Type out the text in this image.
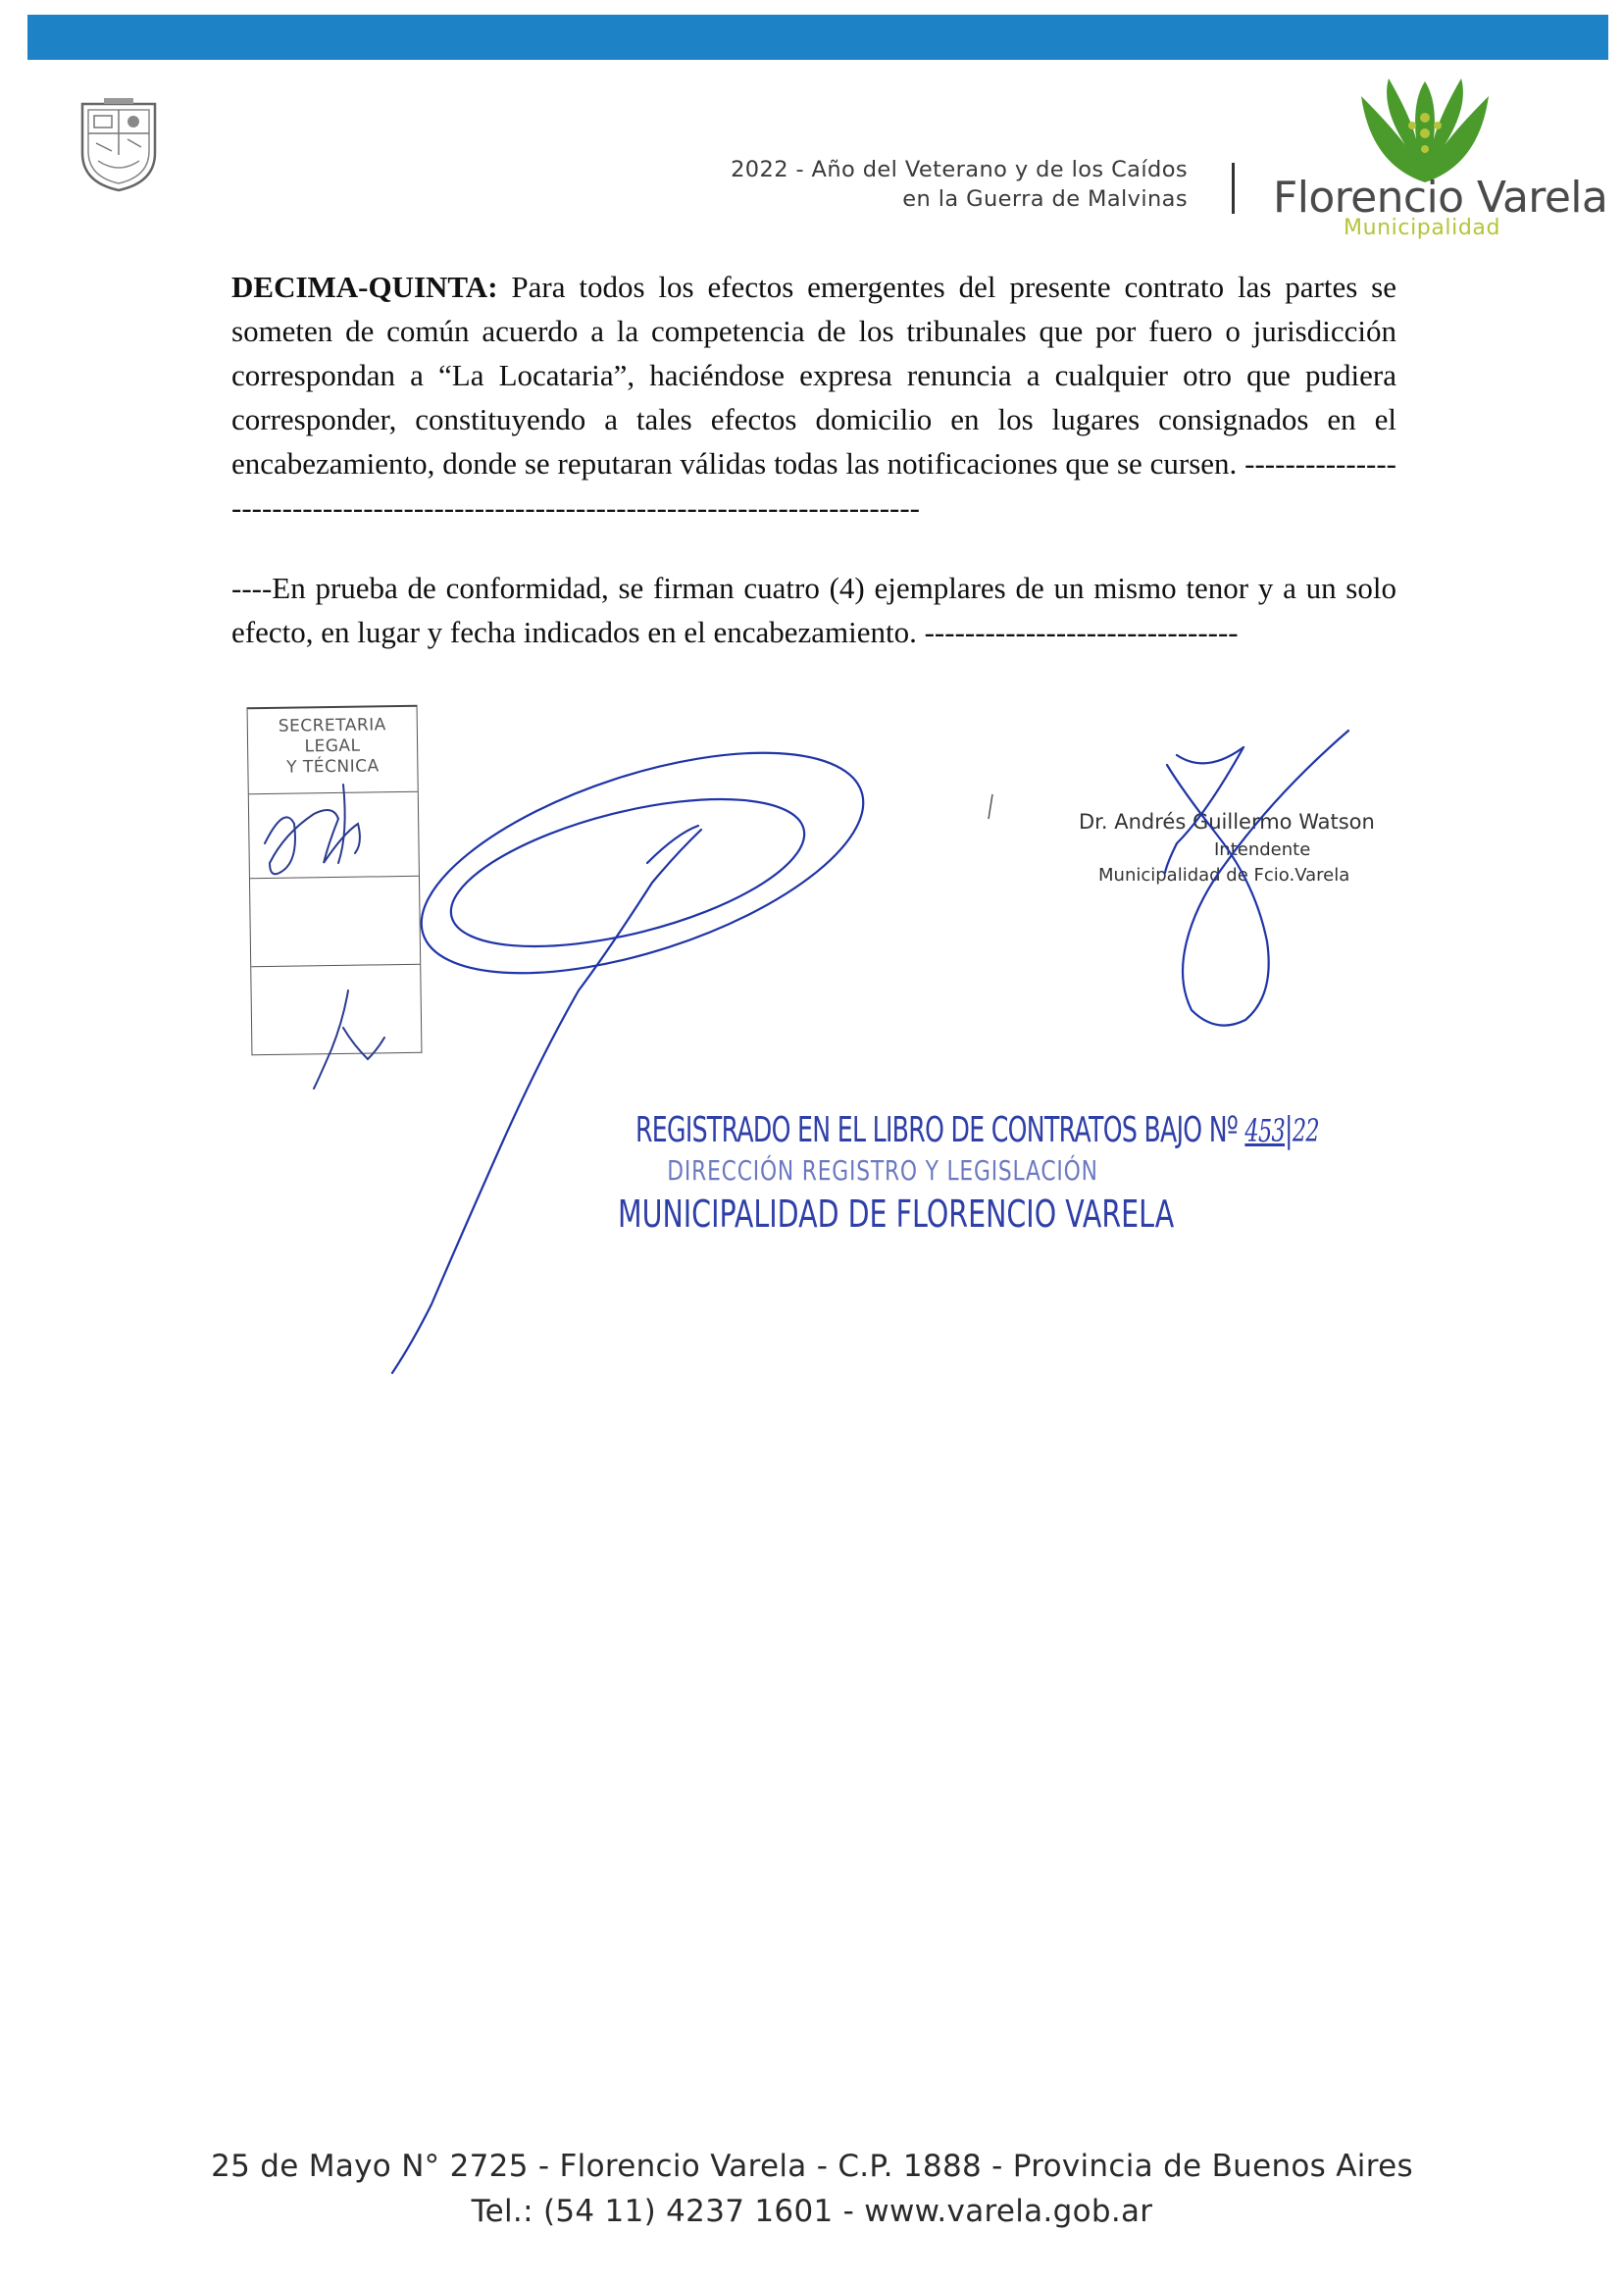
2022 - Año del Veterano y de los Caídos
en la Guerra de Malvinas Florencio Varela
Municipalidad

DECIMA-QUINTA: Para todos los efectos emergentes del presente contrato las partes se someten de común acuerdo a la competencia de los tribunales que por fuero o jurisdicción correspondan a “La Locataria”, haciéndose expresa renuncia a cualquier otro que pudiera corresponder, constituyendo a tales efectos domicilio en los lugares consignados en el encabezamiento, donde se reputaran válidas todas las notificaciones que se cursen. -----------------------------------------------------------------------------------

----En prueba de conformidad, se firman cuatro (4) ejemplares de un mismo tenor y a un solo efecto, en lugar y fecha indicados en el encabezamiento. -------------------------------

SECRETARIA
LEGAL
Y TÉCNICA
Dr. Andrés Guillermo Watson
Intendente
Municipalidad de Fcio.Varela
REGISTRADO EN EL LIBRO DE CONTRATOS BAJO Nº 453|22
DIRECCIÓN REGISTRO Y LEGISLACIÓN
MUNICIPALIDAD DE FLORENCIO VARELA
25 de Mayo N° 2725 - Florencio Varela - C.P. 1888 - Provincia de Buenos Aires
Tel.: (54 11) 4237 1601 - www.varela.gob.ar
